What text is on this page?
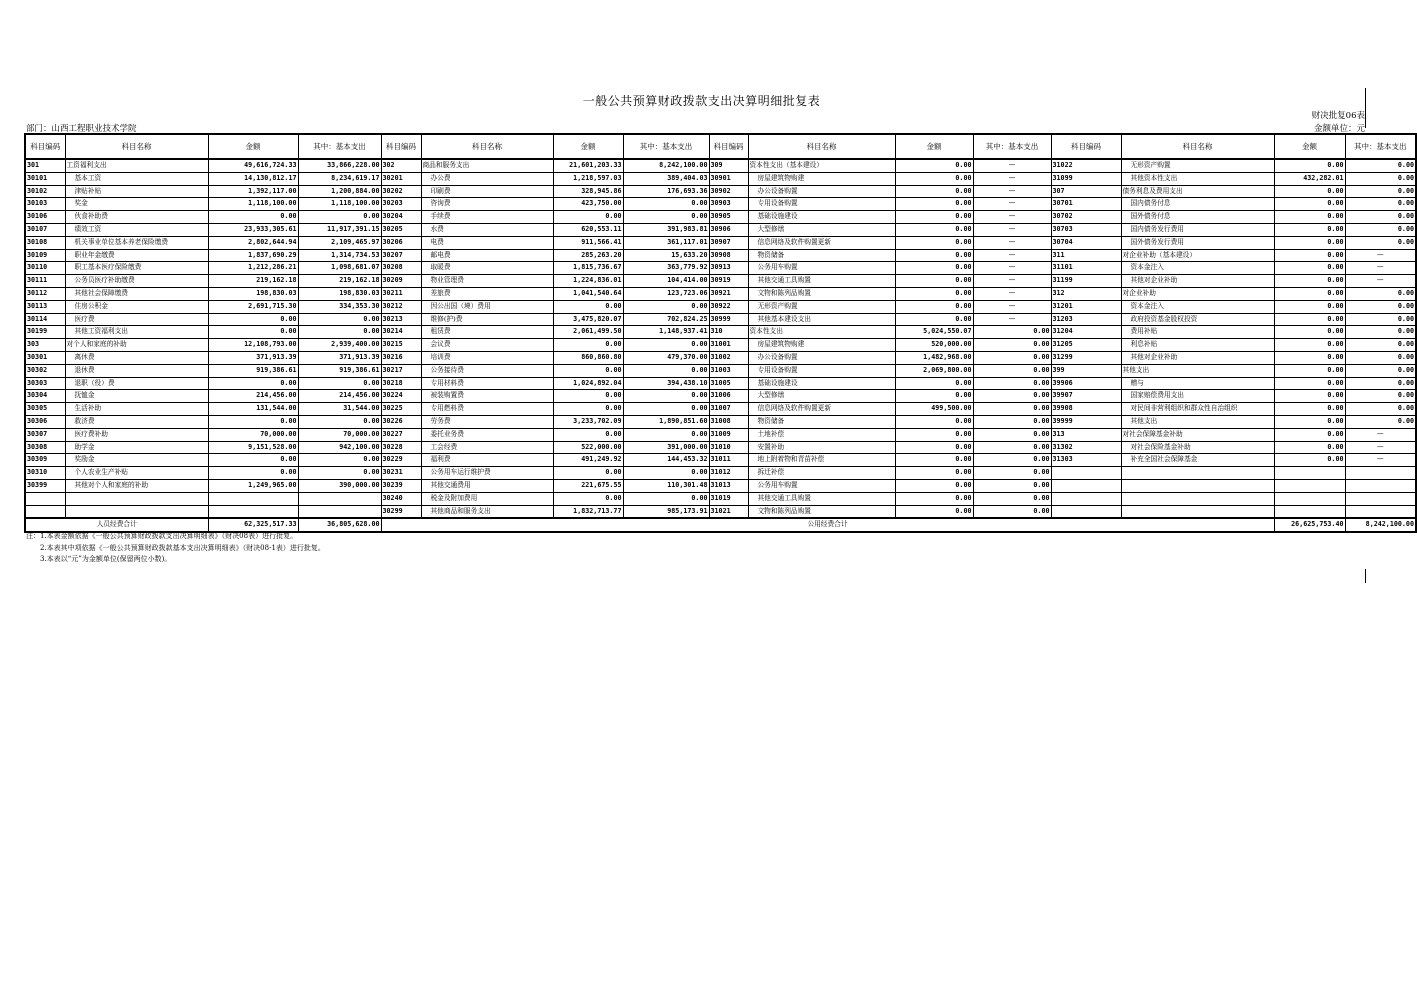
一般公共预算财政拨款支出决算明细批复表
财决批复06表
部门：山西工程职业技术学院	金额单位：元
科目编码	科目名称	金额	其中：基本支出	科目编码	科目名称	金额	其中：基本支出	科目编码	科目名称	金额	其中：基本支出	科目编码	科目名称	金额	其中：基本支出
301	工资福利支出	49,616,724.33	33,866,228.00	302	商品和服务支出	21,601,203.33	8,242,100.00	309	资本性支出（基本建设）	0.00	—	31022	无形资产购置	0.00	0.00
30101	基本工资	14,130,812.17	8,234,619.17	30201	办公费	1,218,597.03	389,404.03	30901	房屋建筑物购建	0.00	—	31099	其他资本性支出	432,282.01	0.00
30102	津贴补贴	1,392,117.00	1,200,884.00	30202	印刷费	328,945.86	176,693.36	30902	办公设备购置	0.00	—	307	债务利息及费用支出	0.00	0.00
30103	奖金	1,118,100.00	1,118,100.00	30203	咨询费	423,750.00	0.00	30903	专用设备购置	0.00	—	30701	国内债务付息	0.00	0.00
30106	伙食补助费	0.00	0.00	30204	手续费	0.00	0.00	30905	基础设施建设	0.00	—	30702	国外债务付息	0.00	0.00
30107	绩效工资	23,933,305.61	11,917,391.15	30205	水费	620,553.11	391,983.81	30906	大型修缮	0.00	—	30703	国内债务发行费用	0.00	0.00
30108	机关事业单位基本养老保险缴费	2,802,644.94	2,109,465.97	30206	电费	911,566.41	361,117.01	30907	信息网络及软件购置更新	0.00	—	30704	国外债务发行费用	0.00	0.00
30109	职业年金缴费	1,837,690.29	1,314,734.53	30207	邮电费	285,263.20	15,633.20	30908	物资储备	0.00	—	311	对企业补助（基本建设）	0.00	—
30110	职工基本医疗保险缴费	1,212,286.21	1,098,681.07	30208	取暖费	1,815,736.67	363,779.92	30913	公务用车购置	0.00	—	31101	资本金注入	0.00	—
30111	公务员医疗补助缴费	219,162.18	219,162.18	30209	物业管理费	1,224,836.01	104,414.00	30919	其他交通工具购置	0.00	—	31199	其他对企业补助	0.00	—
30112	其他社会保障缴费	198,830.03	198,830.03	30211	差旅费	1,041,540.64	123,723.06	30921	文物和陈列品购置	0.00	—	312	对企业补助	0.00	0.00
30113	住房公积金	2,691,715.30	334,353.30	30212	因公出国（境）费用	0.00	0.00	30922	无形资产购置	0.00	—	31201	资本金注入	0.00	0.00
30114	医疗费	0.00	0.00	30213	维修(护)费	3,475,820.07	702,824.25	30999	其他基本建设支出	0.00	—	31203	政府投资基金股权投资	0.00	0.00
30199	其他工资福利支出	0.00	0.00	30214	租赁费	2,061,499.50	1,148,937.41	310	资本性支出	5,024,550.07	0.00	31204	费用补贴	0.00	0.00
303	对个人和家庭的补助	12,108,793.00	2,939,400.00	30215	会议费	0.00	0.00	31001	房屋建筑物购建	520,000.00	0.00	31205	利息补贴	0.00	0.00
30301	离休费	371,913.39	371,913.39	30216	培训费	860,860.80	479,370.00	31002	办公设备购置	1,482,968.00	0.00	31299	其他对企业补助	0.00	0.00
30302	退休费	919,386.61	919,386.61	30217	公务接待费	0.00	0.00	31003	专用设备购置	2,069,800.00	0.00	399	其他支出	0.00	0.00
30303	退职（役）费	0.00	0.00	30218	专用材料费	1,024,892.04	394,438.10	31005	基础设施建设	0.00	0.00	39906	赠与	0.00	0.00
30304	抚恤金	214,456.00	214,456.00	30224	被装购置费	0.00	0.00	31006	大型修缮	0.00	0.00	39907	国家赔偿费用支出	0.00	0.00
30305	生活补助	131,544.00	31,544.00	30225	专用燃料费	0.00	0.00	31007	信息网络及软件购置更新	499,500.00	0.00	39908	对民间非营利组织和群众性自治组织	0.00	0.00
30306	救济费	0.00	0.00	30226	劳务费	3,233,702.09	1,890,851.60	31008	物资储备	0.00	0.00	39999	其他支出	0.00	0.00
30307	医疗费补助	70,000.00	70,000.00	30227	委托业务费	0.00	0.00	31009	土地补偿	0.00	0.00	313	对社会保障基金补助	0.00	—
30308	助学金	9,151,528.00	942,100.00	30228	工会经费	522,000.00	391,000.00	31010	安置补助	0.00	0.00	31302	对社会保险基金补助	0.00	—
30309	奖励金	0.00	0.00	30229	福利费	491,249.92	144,453.32	31011	地上附着物和青苗补偿	0.00	0.00	31303	补充全国社会保障基金	0.00	—
30310	个人农业生产补贴	0.00	0.00	30231	公务用车运行维护费	0.00	0.00	31012	拆迁补偿	0.00	0.00				
30399	其他对个人和家庭的补助	1,249,965.00	390,000.00	30239	其他交通费用	221,675.55	110,301.48	31013	公务用车购置	0.00	0.00				
				30240	税金及附加费用	0.00	0.00	31019	其他交通工具购置	0.00	0.00				
				30299	其他商品和服务支出	1,832,713.77	985,173.91	31021	文物和陈列品购置	0.00	0.00				
人员经费合计		62,325,517.33	36,805,628.00	公用经费合计										26,625,753.40	8,242,100.00
注：1.本表金额依据《一般公共预算财政拨款支出决算明细表》（财决08表）进行批复。
2.本表其中项依据《一般公共预算财政拨款基本支出决算明细表》（财决08-1表）进行批复。
3.本表以“元”为金额单位(保留两位小数)。
